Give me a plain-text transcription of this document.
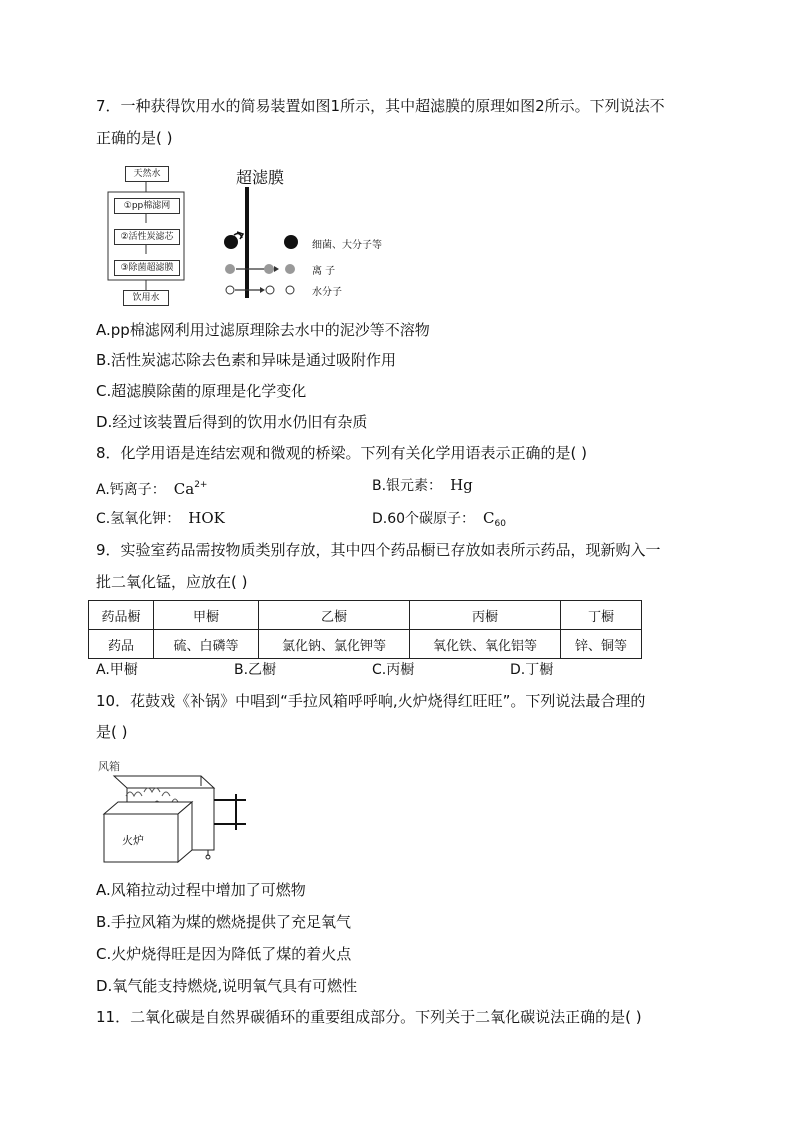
7．一种获得饮用水的简易装置如图1所示，其中超滤膜的原理如图2所示。下列说法不
正确的是( )
天然水
①pp棉滤网
②活性炭滤芯
③除菌超滤膜
饮用水
超滤膜
细菌、大分子等
离 子
水分子
A.pp棉滤网利用过滤原理除去水中的泥沙等不溶物
B.活性炭滤芯除去色素和异味是通过吸附作用
C.超滤膜除菌的原理是化学变化
D.经过该装置后得到的饮用水仍旧有杂质
8．化学用语是连结宏观和微观的桥梁。下列有关化学用语表示正确的是( )
A.钙离子： $Ca^{2+}$	B.银元素： Hg
C.氢氧化钾： HOK	D.60个碳原子： $C_{60}$
9．实验室药品需按物质类别存放，其中四个药品橱已存放如表所示药品，现新购入一
批二氧化锰，应放在( )
药品橱	甲橱	乙橱	丙橱	丁橱
药品	硫、白磷等	氯化钠、氯化钾等	氧化铁、氧化铝等	锌、铜等
A.甲橱	B.乙橱	C.丙橱	D.丁橱
10．花鼓戏《补锅》中唱到“手拉风箱呼呼响,火炉烧得红旺旺”。下列说法最合理的
是( )
风箱
火炉
A.风箱拉动过程中增加了可燃物
B.手拉风箱为煤的燃烧提供了充足氧气
C.火炉烧得旺是因为降低了煤的着火点
D.氧气能支持燃烧,说明氧气具有可燃性
11．二氧化碳是自然界碳循环的重要组成部分。下列关于二氧化碳说法正确的是( )
